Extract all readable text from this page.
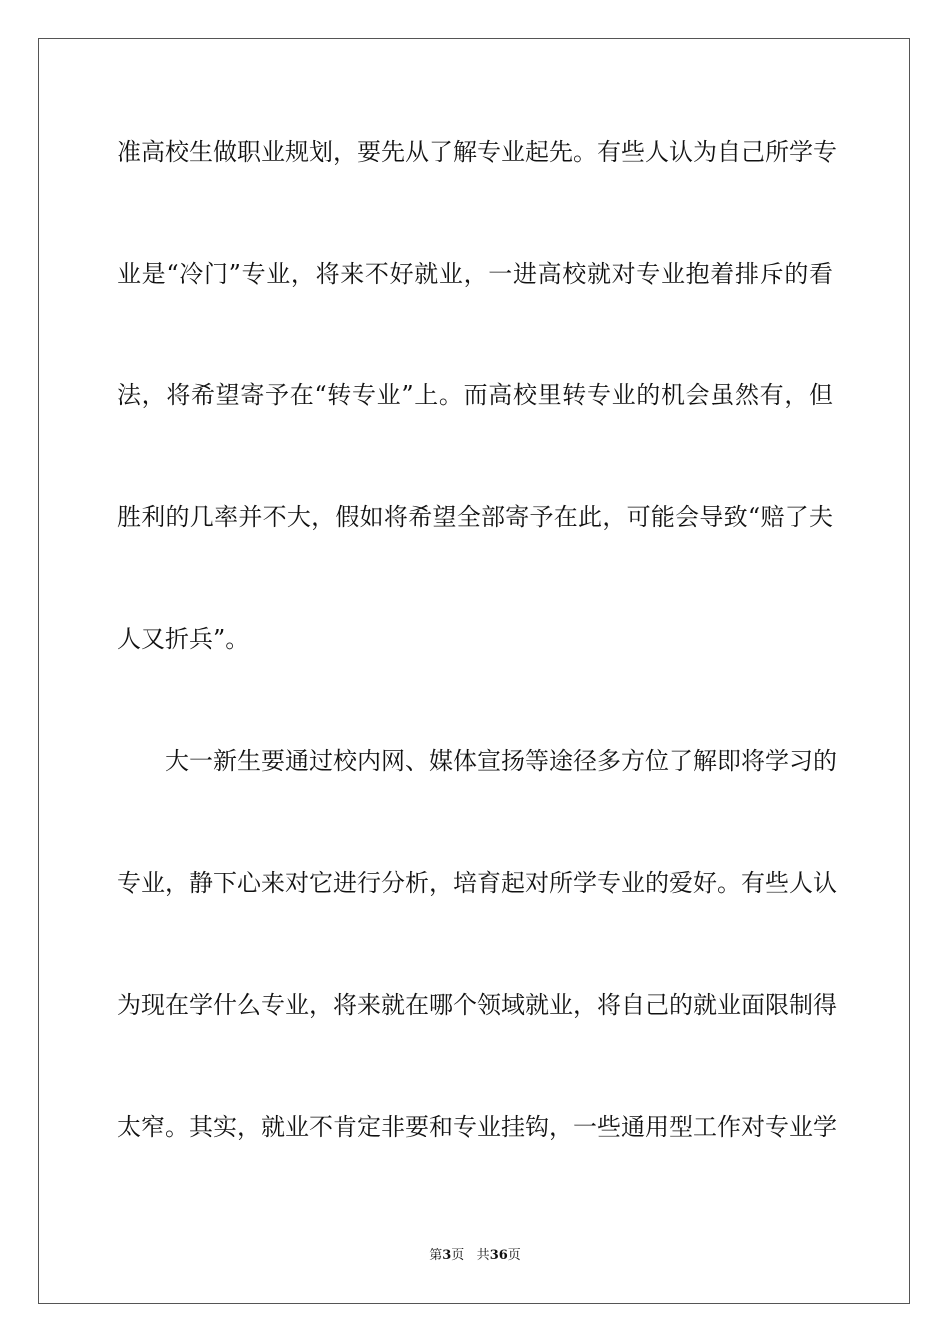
准高校生做职业规划，要先从了解专业起先。有些人认为自己所学专
业是“冷门”专业，将来不好就业，一进高校就对专业抱着排斥的看
法，将希望寄予在“转专业”上。而高校里转专业的机会虽然有，但
胜利的几率并不大，假如将希望全部寄予在此，可能会导致“赔了夫
人又折兵”。
大一新生要通过校内网、媒体宣扬等途径多方位了解即将学习的
专业，静下心来对它进行分析，培育起对所学专业的爱好。有些人认
为现在学什么专业，将来就在哪个领域就业，将自己的就业面限制得
太窄。其实，就业不肯定非要和专业挂钩，一些通用型工作对专业学
第3页 共36页
